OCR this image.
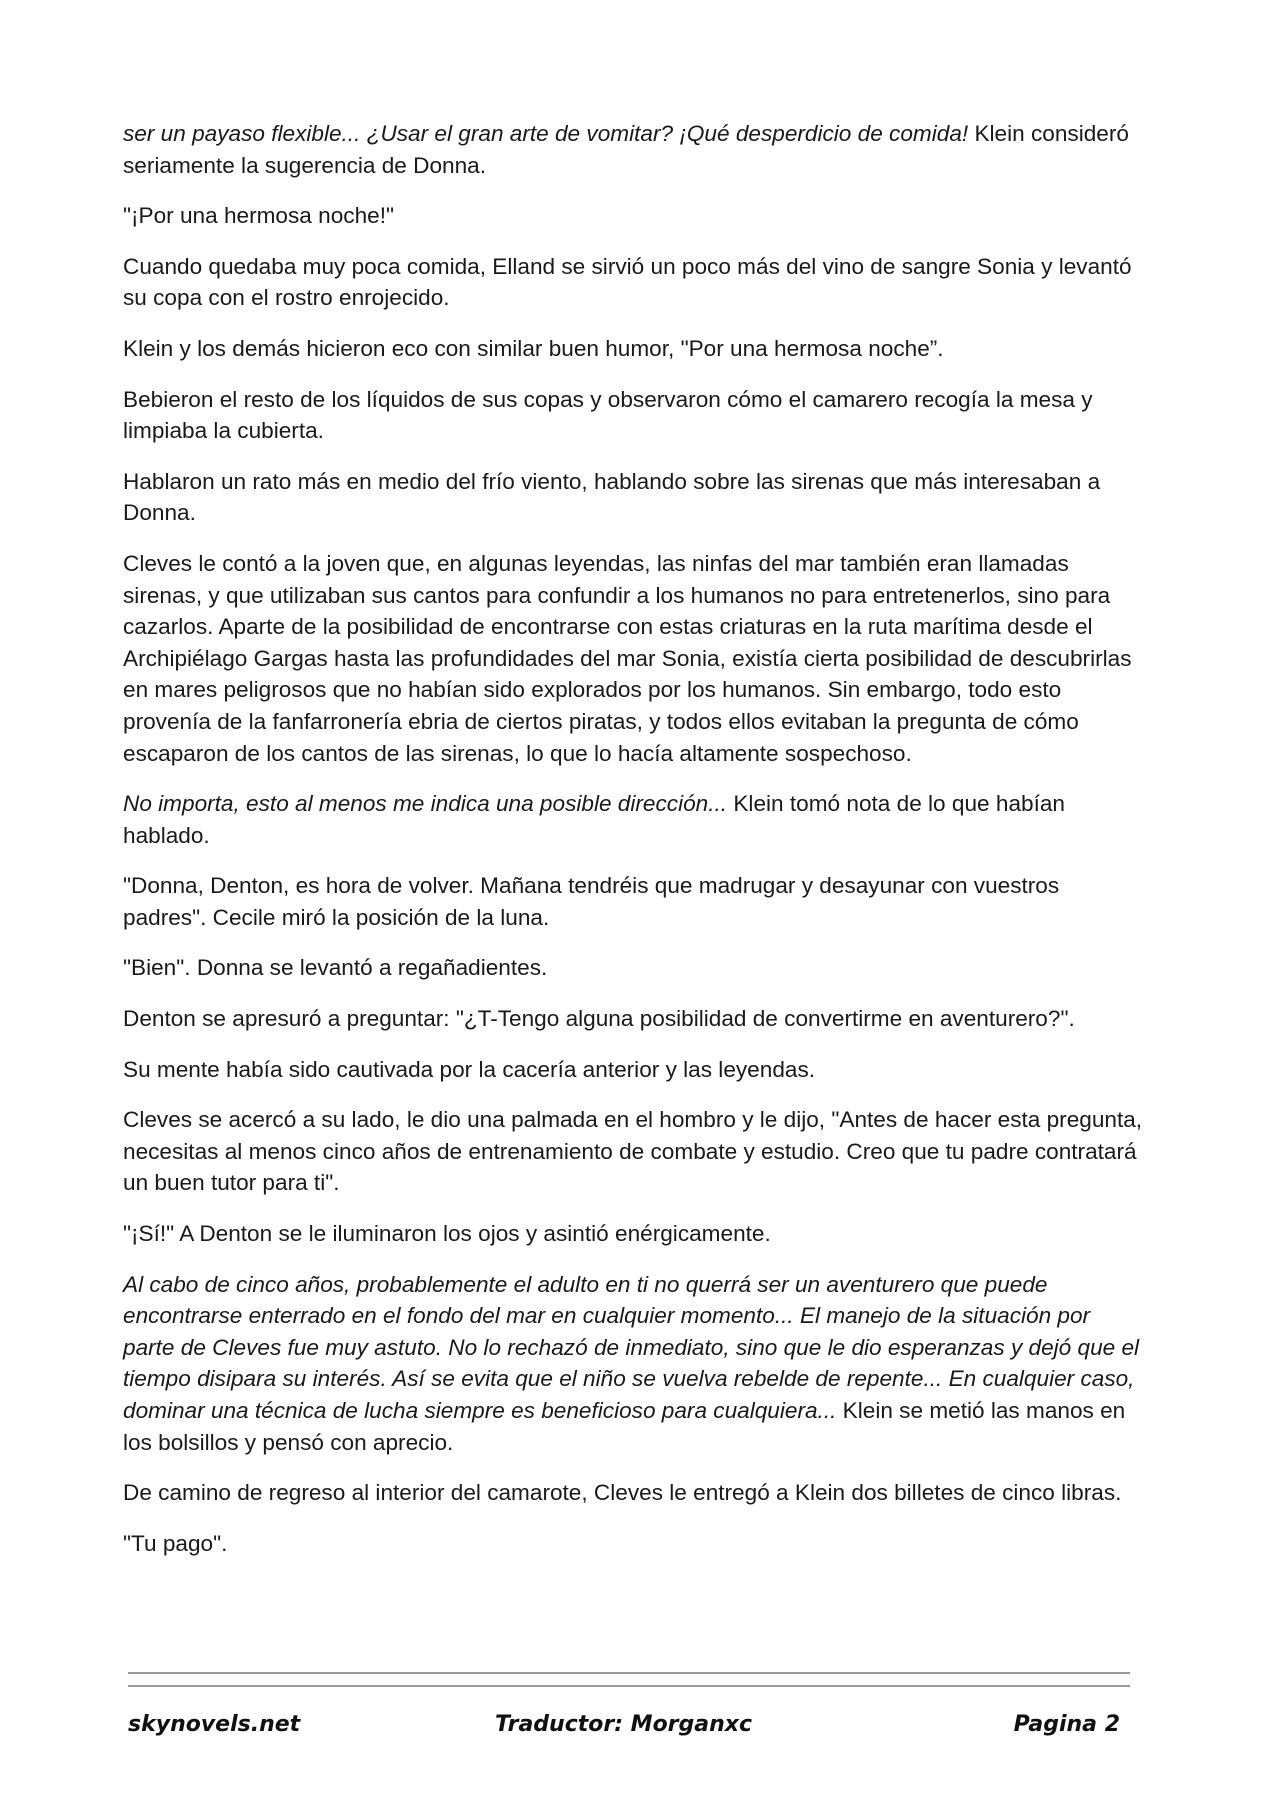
ser un payaso flexible... ¿Usar el gran arte de vomitar? ¡Qué desperdicio de comida! Klein consideró seriamente la sugerencia de Donna.

"¡Por una hermosa noche!"

Cuando quedaba muy poca comida, Elland se sirvió un poco más del vino de sangre Sonia y levantó su copa con el rostro enrojecido.

Klein y los demás hicieron eco con similar buen humor, "Por una hermosa noche”.

Bebieron el resto de los líquidos de sus copas y observaron cómo el camarero recogía la mesa y limpiaba la cubierta.

Hablaron un rato más en medio del frío viento, hablando sobre las sirenas que más interesaban a Donna.

Cleves le contó a la joven que, en algunas leyendas, las ninfas del mar también eran llamadas sirenas, y que utilizaban sus cantos para confundir a los humanos no para entretenerlos, sino para cazarlos. Aparte de la posibilidad de encontrarse con estas criaturas en la ruta marítima desde el Archipiélago Gargas hasta las profundidades del mar Sonia, existía cierta posibilidad de descubrirlas en mares peligrosos que no habían sido explorados por los humanos. Sin embargo, todo esto provenía de la fanfarronería ebria de ciertos piratas, y todos ellos evitaban la pregunta de cómo escaparon de los cantos de las sirenas, lo que lo hacía altamente sospechoso.

No importa, esto al menos me indica una posible dirección... Klein tomó nota de lo que habían hablado.

"Donna, Denton, es hora de volver. Mañana tendréis que madrugar y desayunar con vuestros padres". Cecile miró la posición de la luna.

"Bien". Donna se levantó a regañadientes.

Denton se apresuró a preguntar: "¿T-Tengo alguna posibilidad de convertirme en aventurero?".

Su mente había sido cautivada por la cacería anterior y las leyendas.

Cleves se acercó a su lado, le dio una palmada en el hombro y le dijo, "Antes de hacer esta pregunta, necesitas al menos cinco años de entrenamiento de combate y estudio. Creo que tu padre contratará un buen tutor para ti".

"¡Sí!" A Denton se le iluminaron los ojos y asintió enérgicamente.

Al cabo de cinco años, probablemente el adulto en ti no querrá ser un aventurero que puede encontrarse enterrado en el fondo del mar en cualquier momento... El manejo de la situación por parte de Cleves fue muy astuto. No lo rechazó de inmediato, sino que le dio esperanzas y dejó que el tiempo disipara su interés. Así se evita que el niño se vuelva rebelde de repente... En cualquier caso, dominar una técnica de lucha siempre es beneficioso para cualquiera... Klein se metió las manos en los bolsillos y pensó con aprecio.

De camino de regreso al interior del camarote, Cleves le entregó a Klein dos billetes de cinco libras.

"Tu pago".

skynovels.net	Traductor: Morganxc	Pagina 2
